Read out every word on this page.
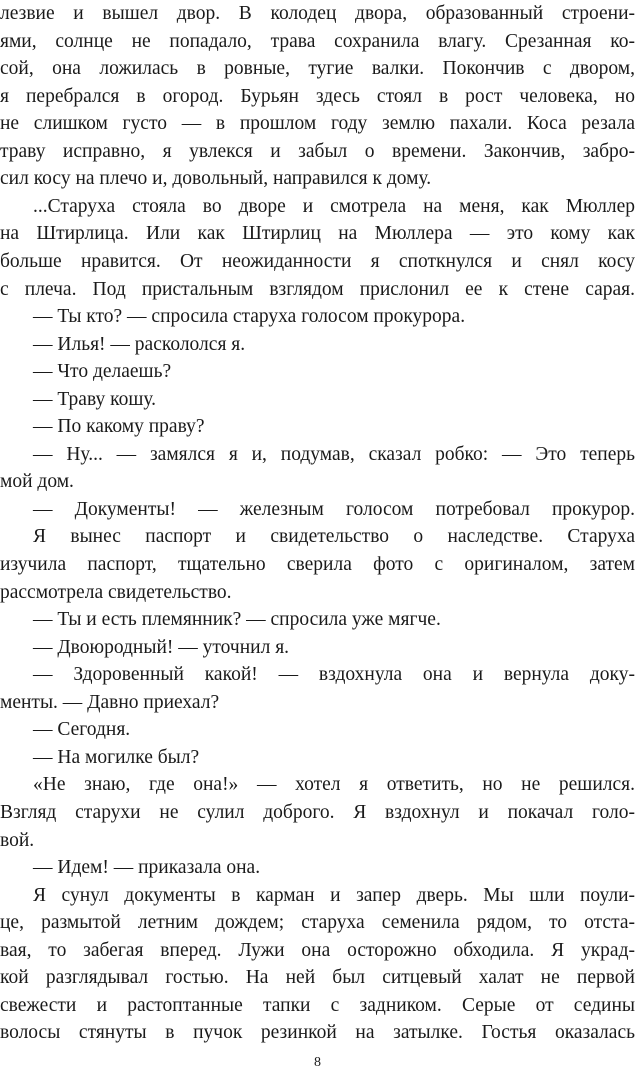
лезвие и вышел двор. В колодец двора, образованный строени-
ями, солнце не попадало, трава сохранила влагу. Срезанная ко-
сой, она ложилась в ровные, тугие валки. Покончив с двором,
я перебрался в огород. Бурьян здесь стоял в рост человека, но
не слишком густо — в прошлом году землю пахали. Коса резала
траву исправно, я увлекся и забыл о времени. Закончив, забро-
сил косу на плечо и, довольный, направился к дому.
...Старуха стояла во дворе и смотрела на меня, как Мюллер
на Штирлица. Или как Штирлиц на Мюллера — это кому как
больше нравится. От неожиданности я споткнулся и снял косу
с плеча. Под пристальным взглядом прислонил ее к стене сарая.
— Ты кто? — спросила старуха голосом прокурора.
— Илья! — раскололся я.
— Что делаешь?
— Траву кошу.
— По какому праву?
— Ну... — замялся я и, подумав, сказал робко: — Это теперь
мой дом.
— Документы! — железным голосом потребовал прокурор.
Я вынес паспорт и свидетельство о наследстве. Старуха
изучила паспорт, тщательно сверила фото с оригиналом, затем
рассмотрела свидетельство.
— Ты и есть племянник? — спросила уже мягче.
— Двоюродный! — уточнил я.
— Здоровенный какой! — вздохнула она и вернула доку-
менты. — Давно приехал?
— Сегодня.
— На могилке был?
«Не знаю, где она!» — хотел я ответить, но не решился.
Взгляд старухи не сулил доброго. Я вздохнул и покачал голо-
вой.
— Идем! — приказала она.
Я сунул документы в карман и запер дверь. Мы шли поули-
це, размытой летним дождем; старуха семенила рядом, то отста-
вая, то забегая вперед. Лужи она осторожно обходила. Я украд-
кой разглядывал гостью. На ней был ситцевый халат не первой
свежести и растоптанные тапки с задником. Серые от седины
волосы стянуты в пучок резинкой на затылке. Гостья оказалась
8
